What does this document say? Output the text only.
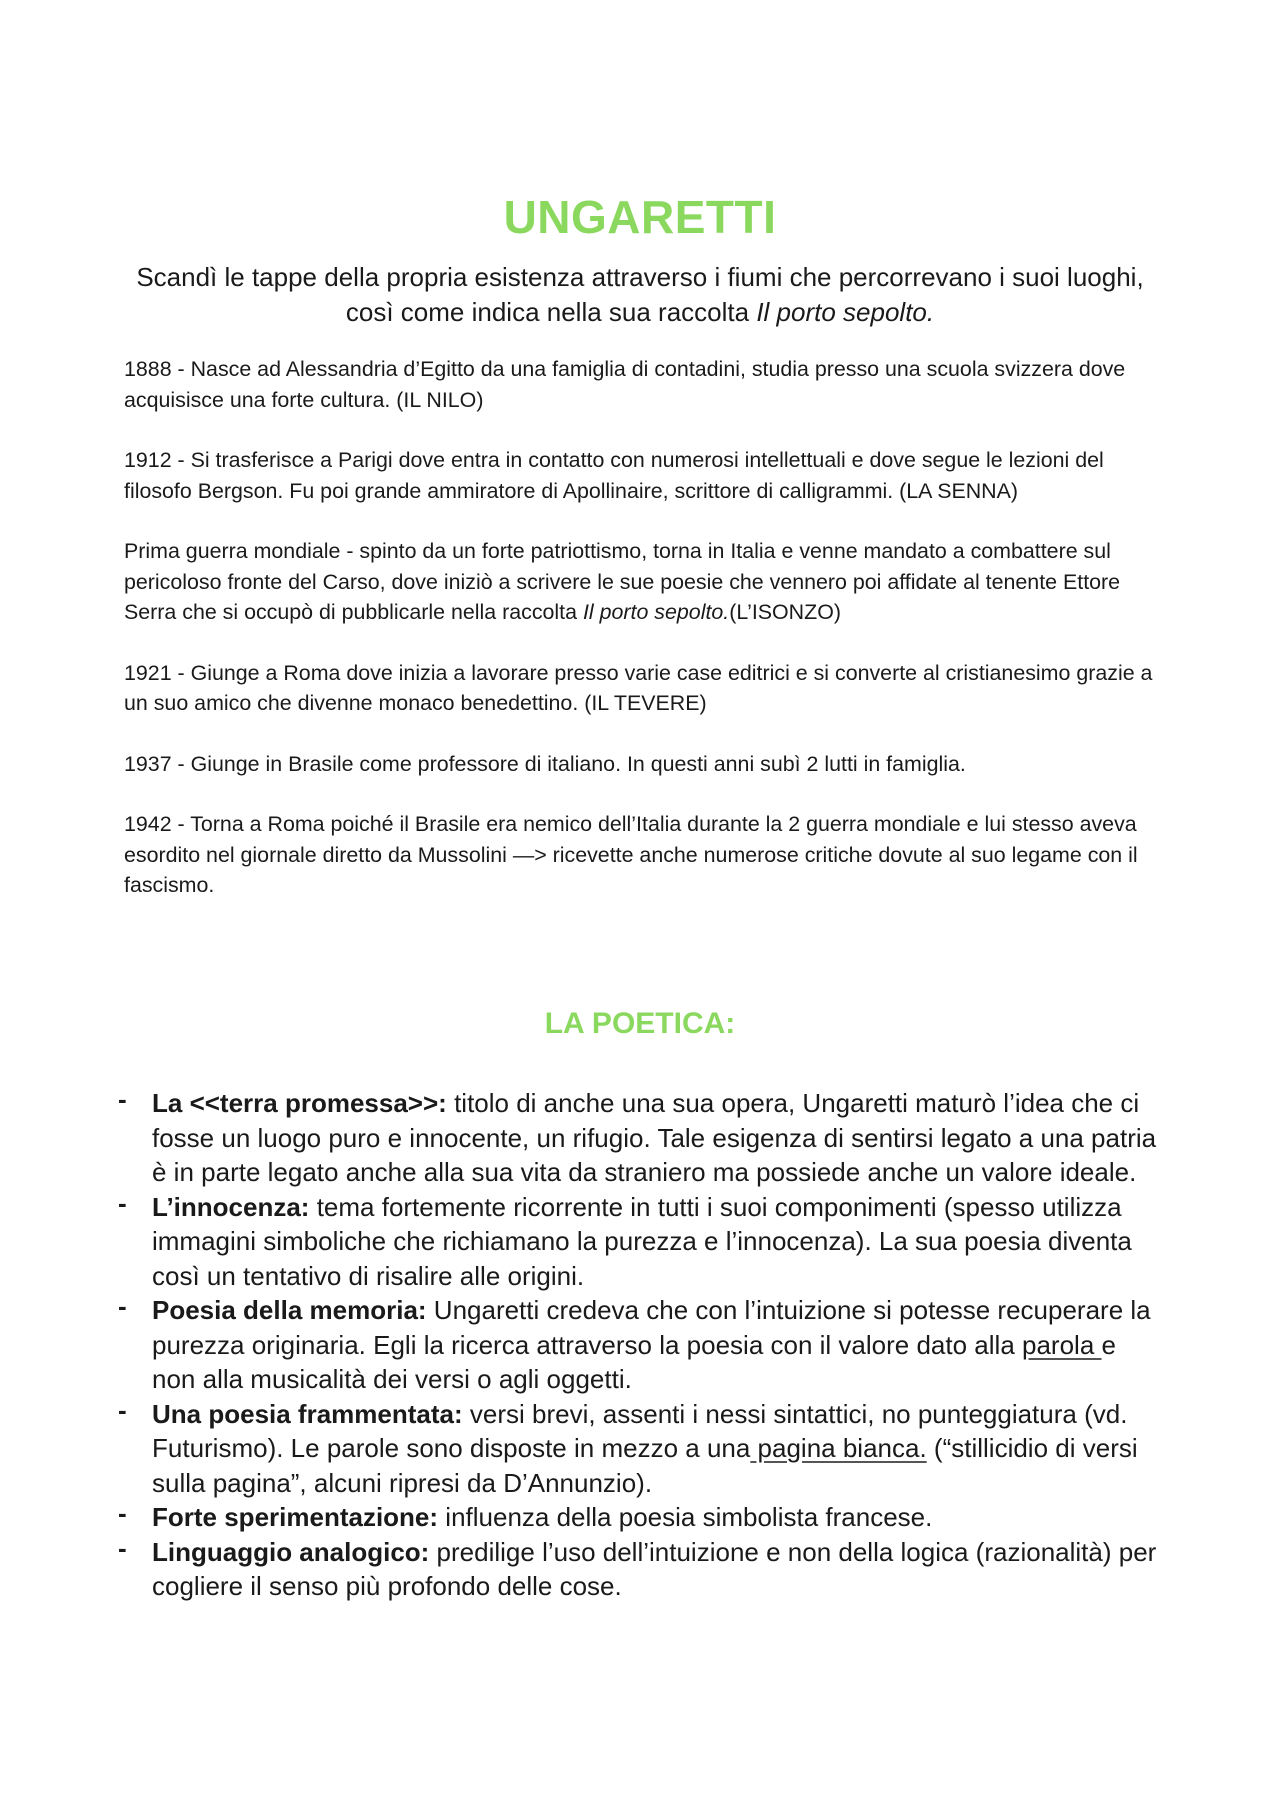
UNGARETTI

Scandì le tappe della propria esistenza attraverso i fiumi che percorrevano i suoi luoghi, così come indica nella sua raccolta Il porto sepolto.

1888 - Nasce ad Alessandria d’Egitto da una famiglia di contadini, studia presso una scuola svizzera dove acquisisce una forte cultura. (IL NILO)

1912 - Si trasferisce a Parigi dove entra in contatto con numerosi intellettuali e dove segue le lezioni del filosofo Bergson. Fu poi grande ammiratore di Apollinaire, scrittore di calligrammi. (LA SENNA)

Prima guerra mondiale - spinto da un forte patriottismo, torna in Italia e venne mandato a combattere sul pericoloso fronte del Carso, dove iniziò a scrivere le sue poesie che vennero poi affidate al tenente Ettore Serra che si occupò di pubblicarle nella raccolta Il porto sepolto.(L’ISONZO)

1921 - Giunge a Roma dove inizia a lavorare presso varie case editrici e si converte al cristianesimo grazie a un suo amico che divenne monaco benedettino. (IL TEVERE)

1937 - Giunge in Brasile come professore di italiano. In questi anni subì 2 lutti in famiglia.

1942 - Torna a Roma poiché il Brasile era nemico dell’Italia durante la 2 guerra mondiale e lui stesso aveva esordito nel giornale diretto da Mussolini —> ricevette anche numerose critiche dovute al suo legame con il fascismo.

LA POETICA:
- La <<terra promessa>>: titolo di anche una sua opera, Ungaretti maturò l’idea che ci fosse un luogo puro e innocente, un rifugio. Tale esigenza di sentirsi legato a una patria è in parte legato anche alla sua vita da straniero ma possiede anche un valore ideale.
- L’innocenza: tema fortemente ricorrente in tutti i suoi componimenti (spesso utilizza immagini simboliche che richiamano la purezza e l’innocenza). La sua poesia diventa così un tentativo di risalire alle origini.
- Poesia della memoria: Ungaretti credeva che con l’intuizione si potesse recuperare la purezza originaria. Egli la ricerca attraverso la poesia con il valore dato alla parola e non alla musicalità dei versi o agli oggetti.
- Una poesia frammentata: versi brevi, assenti i nessi sintattici, no punteggiatura (vd. Futurismo). Le parole sono disposte in mezzo a una pagina bianca. (“stillicidio di versi sulla pagina”, alcuni ripresi da D’Annunzio).
- Forte sperimentazione: influenza della poesia simbolista francese.
- Linguaggio analogico: predilige l’uso dell’intuizione e non della logica (razionalità) per cogliere il senso più profondo delle cose.
